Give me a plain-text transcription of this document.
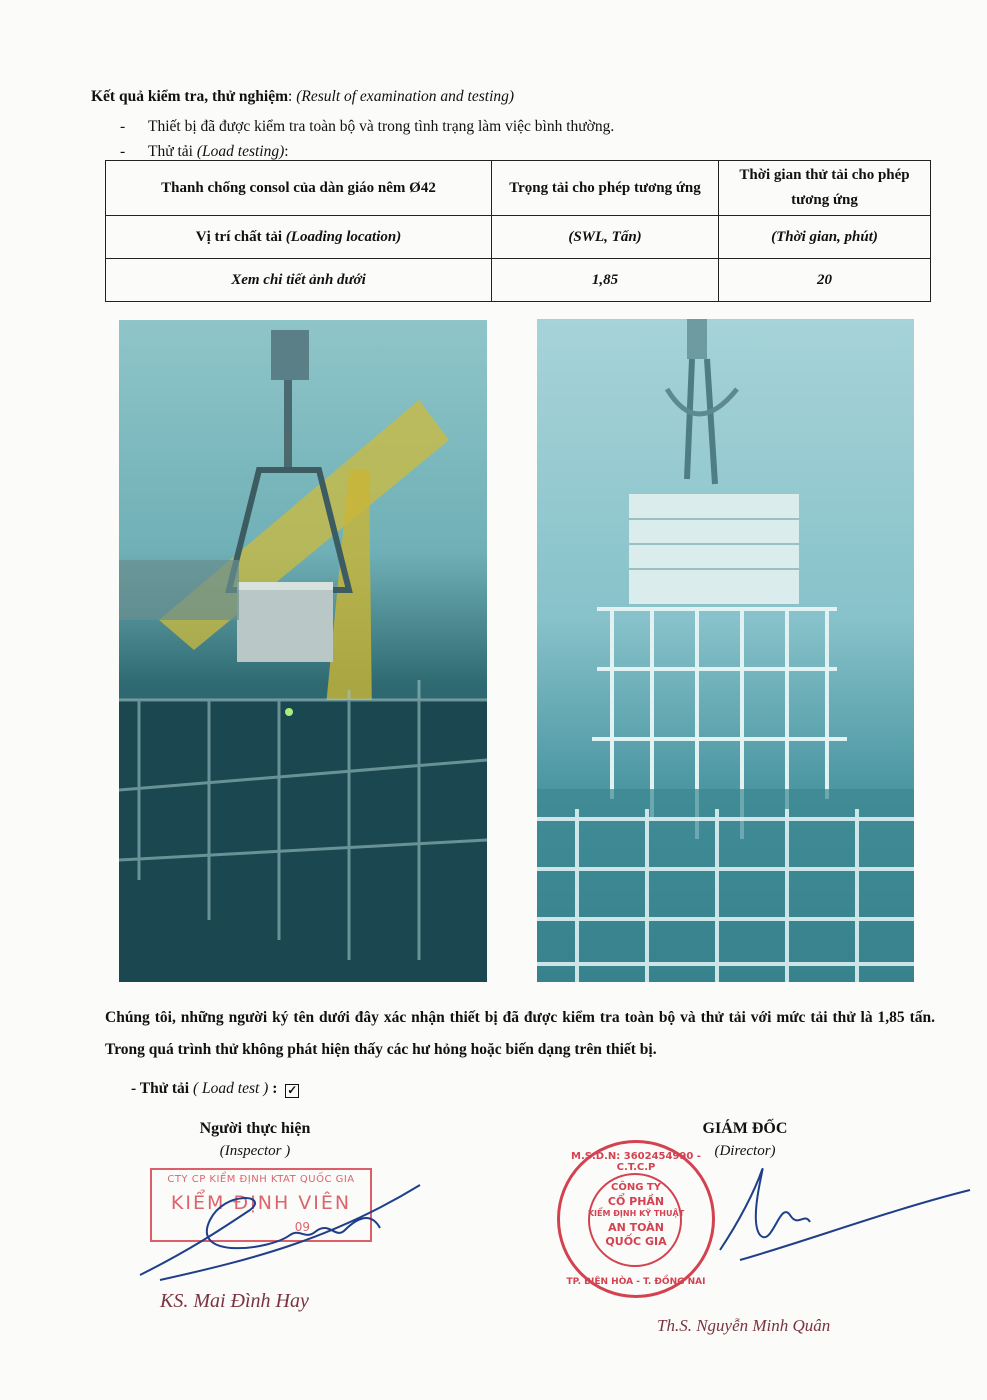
Kết quả kiểm tra, thử nghiệm: (Result of examination and testing)
- Thiết bị đã được kiểm tra toàn bộ và trong tình trạng làm việc bình thường.
- Thử tải (Load testing):
Thanh chống consol của dàn giáo nêm Ø42	Trọng tải cho phép tương ứng	Thời gian thử tải cho phép tương ứng
Vị trí chất tải (Loading location)	(SWL, Tấn)	(Thời gian, phút)
Xem chi tiết ảnh dưới	1,85	20
Chúng tôi, những người ký tên dưới đây xác nhận thiết bị đã được kiểm tra toàn bộ và thử tải với mức tải thử là 1,85 tấn. Trong quá trình thử không phát hiện thấy các hư hỏng hoặc biến dạng trên thiết bị.
- Thử tải ( Load test ) : ✓
Người thực hiện
(Inspector )
CTY CP KIỂM ĐỊNH KTAT QUỐC GIA
KIỂM ĐỊNH VIÊN
09
KS. Mai Đình Hay
GIÁM ĐỐC
(Director)
M.S.D.N: 3602454990 - C.T.C.P
CÔNG TY
CỔ PHẦN
KIỂM ĐỊNH KỸ THUẬT
AN TOÀN
QUỐC GIA
TP. BIÊN HÒA - T. ĐỒNG NAI
Th.S. Nguyễn Minh Quân
